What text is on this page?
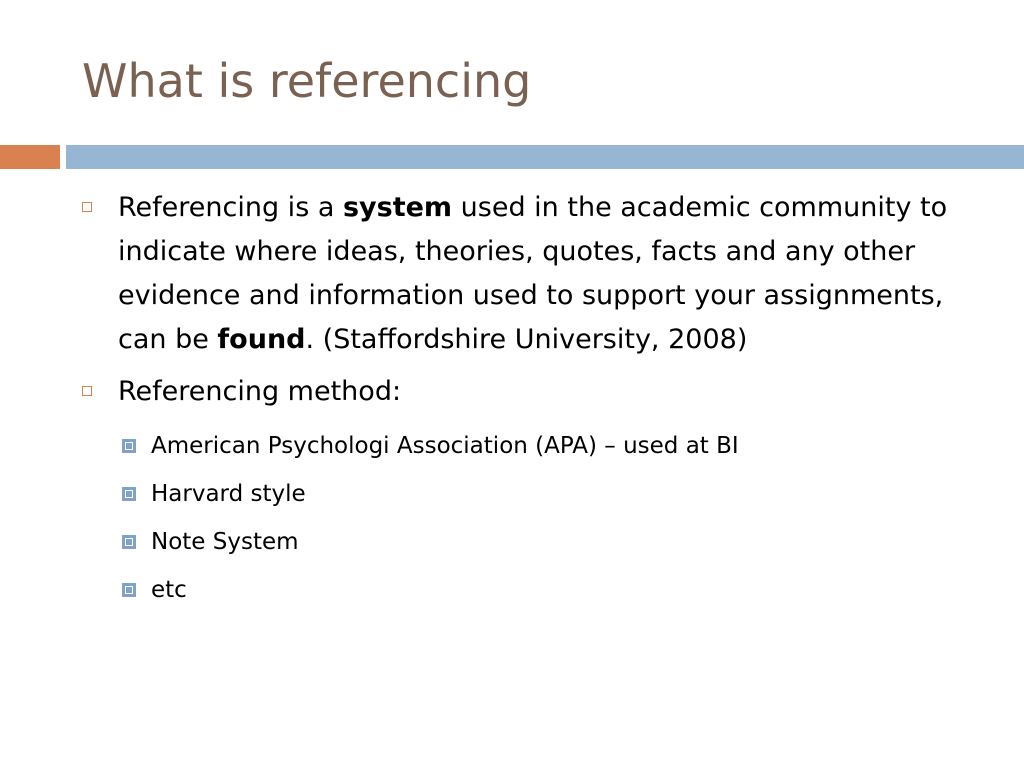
What is referencing
Referencing is a system used in the academic community to indicate where ideas, theories, quotes, facts and any other evidence and information used to support your assignments, can be found. (Staffordshire University, 2008)
Referencing method:
American Psychologi Association (APA) – used at BI
Harvard style
Note System
etc
